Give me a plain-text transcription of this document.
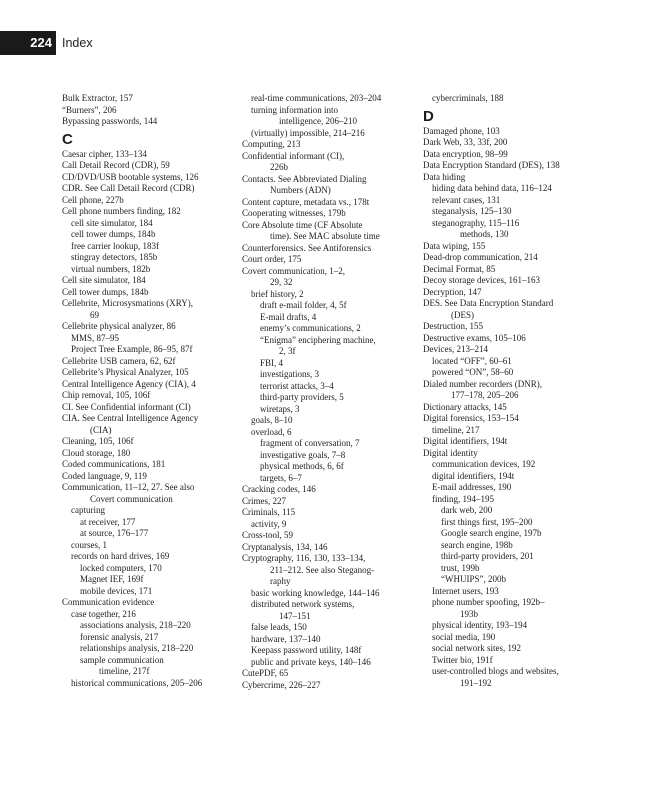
224 Index
Bulk Extractor, 157
“Burners”, 206
Bypassing passwords, 144
C
Caesar cipher, 133–134
Call Detail Record (CDR), 59
CD/DVD/USB bootable systems, 126
CDR. See Call Detail Record (CDR)
Cell phone, 227b
Cell phone numbers finding, 182
cell site simulator, 184
cell tower dumps, 184b
free carrier lookup, 183f
stingray detectors, 185b
virtual numbers, 182b
Cell site simulator, 184
Cell tower dumps, 184b
Cellebrite, Microsysmations (XRY),
69
Cellebrite physical analyzer, 86
MMS, 87–95
Project Tree Example, 86–95, 87f
Cellebrite USB camera, 62, 62f
Cellebrite’s Physical Analyzer, 105
Central Intelligence Agency (CIA), 4
Chip removal, 105, 106f
CI. See Confidential informant (CI)
CIA. See Central Intelligence Agency
(CIA)
Cleaning, 105, 106f
Cloud storage, 180
Coded communications, 181
Coded language, 9, 119
Communication, 11–12, 27. See also
Covert communication
capturing
at receiver, 177
at source, 176–177
courses, 1
records on hard drives, 169
locked computers, 170
Magnet IEF, 169f
mobile devices, 171
Communication evidence
case together, 216
associations analysis, 218–220
forensic analysis, 217
relationships analysis, 218–220
sample communication
timeline, 217f
historical communications, 205–206
real-time communications, 203–204
turning information into
intelligence, 206–210
(virtually) impossible, 214–216
Computing, 213
Confidential informant (CI),
226b
Contacts. See Abbreviated Dialing
Numbers (ADN)
Content capture, metadata vs., 178t
Cooperating witnesses, 179b
Core Absolute time (CF Absolute
time). See MAC absolute time
Counterforensics. See Antiforensics
Court order, 175
Covert communication, 1–2,
29, 32
brief history, 2
draft e-mail folder, 4, 5f
E-mail drafts, 4
enemy’s communications, 2
“Enigma” enciphering machine,
2, 3f
FBI, 4
investigations, 3
terrorist attacks, 3–4
third-party providers, 5
wiretaps, 3
goals, 8–10
overload, 6
fragment of conversation, 7
investigative goals, 7–8
physical methods, 6, 6f
targets, 6–7
Cracking codes, 146
Crimes, 227
Criminals, 115
activity, 9
Cross-tool, 59
Cryptanalysis, 134, 146
Cryptography, 116, 130, 133–134,
211–212. See also Steganog-
raphy
basic working knowledge, 144–146
distributed network systems,
147–151
false leads, 150
hardware, 137–140
Keepass password utility, 148f
public and private keys, 140–146
CutePDF, 65
Cybercrime, 226–227
cybercriminals, 188
D
Damaged phone, 103
Dark Web, 33, 33f, 200
Data encryption, 98–99
Data Encryption Standard (DES), 138
Data hiding
hiding data behind data, 116–124
relevant cases, 131
steganalysis, 125–130
steganography, 115–116
methods, 130
Data wiping, 155
Dead-drop communication, 214
Decimal Format, 85
Decoy storage devices, 161–163
Decryption, 147
DES. See Data Encryption Standard
(DES)
Destruction, 155
Destructive exams, 105–106
Devices, 213–214
located “OFF”, 60–61
powered “ON”, 58–60
Dialed number recorders (DNR),
177–178, 205–206
Dictionary attacks, 145
Digital forensics, 153–154
timeline, 217
Digital identifiers, 194t
Digital identity
communication devices, 192
digital identifiers, 194t
E-mail addresses, 190
finding, 194–195
dark web, 200
first things first, 195–200
Google search engine, 197b
search engine, 198b
third-party providers, 201
trust, 199b
“WHUIPS”, 200b
Internet users, 193
phone number spoofing, 192b–
193b
physical identity, 193–194
social media, 190
social network sites, 192
Twitter bio, 191f
user-controlled blogs and websites,
191–192
